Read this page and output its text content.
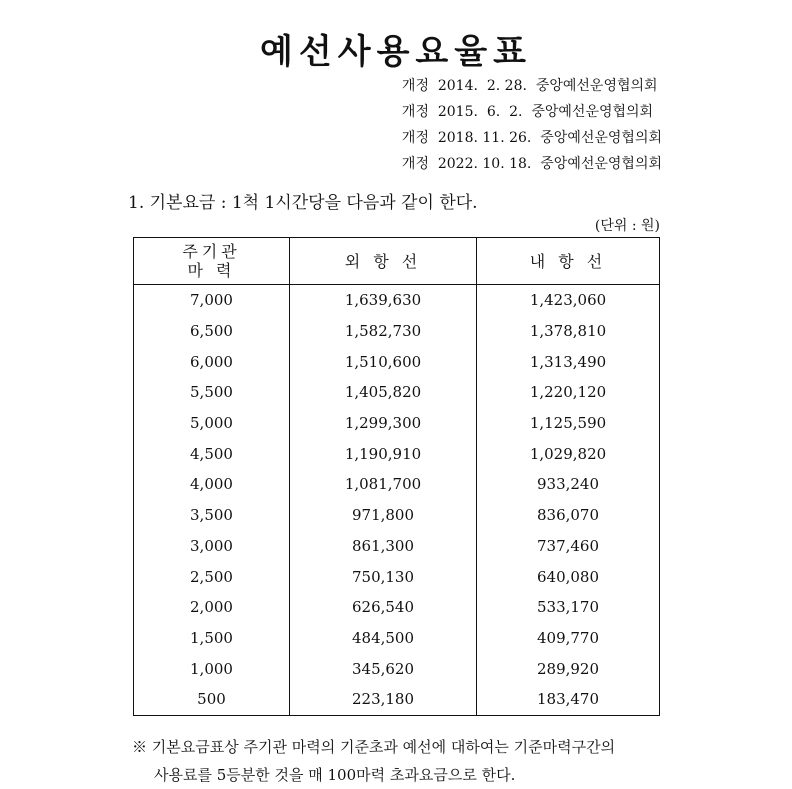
예선사용요율표
개정  2014.  2. 28.  중앙예선운영협의회
개정  2015.  6.  2.  중앙예선운영협의회
개정  2018. 11. 26.  중앙예선운영협의회
개정  2022. 10. 18.  중앙예선운영협의회
1. 기본요금 : 1척 1시간당을 다음과 같이 한다.
(단위 : 원)
주기관
마 력	외 항 선	내 항 선
7,000	1,639,630	1,423,060
6,500	1,582,730	1,378,810
6,000	1,510,600	1,313,490
5,500	1,405,820	1,220,120
5,000	1,299,300	1,125,590
4,500	1,190,910	1,029,820
4,000	1,081,700	933,240
3,500	971,800	836,070
3,000	861,300	737,460
2,500	750,130	640,080
2,000	626,540	533,170
1,500	484,500	409,770
1,000	345,620	289,920
500	223,180	183,470
※ 기본요금표상 주기관 마력의 기준초과 예선에 대하여는 기준마력구간의
사용료를 5등분한 것을 매 100마력 초과요금으로 한다.
